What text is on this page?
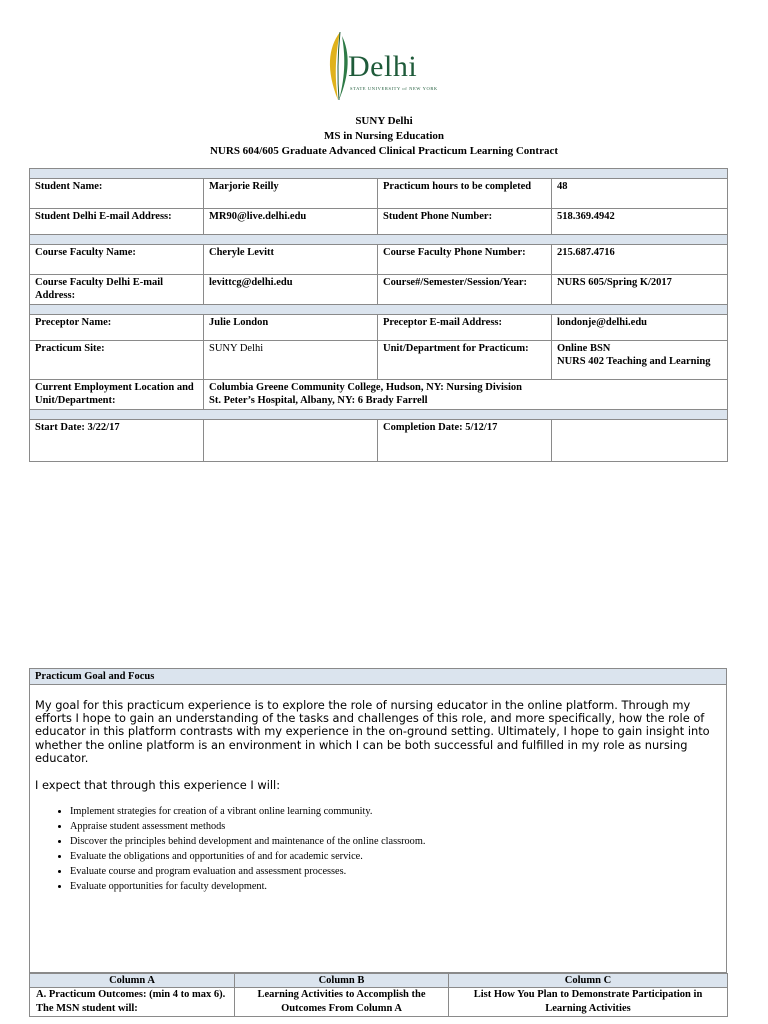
Delhi
STATE UNIVERSITY of NEW YORK
SUNY Delhi
MS in Nursing Education
NURS 604/605 Graduate Advanced Clinical Practicum Learning Contract

Student Name:	Marjorie Reilly	Practicum hours to be completed	48
Student Delhi E-mail Address:	MR90@live.delhi.edu	Student Phone Number:	518.369.4942

Course Faculty Name:	Cheryle Levitt	Course Faculty Phone Number:	215.687.4716
Course Faculty Delhi E-mail Address:	levittcg@delhi.edu	Course#/Semester/Session/Year:	NURS 605/Spring K/2017

Preceptor Name:	Julie London	Preceptor E-mail Address:	londonje@delhi.edu
Practicum Site:	SUNY Delhi	Unit/Department for Practicum:	Online BSN
NURS 402 Teaching and Learning

Current Employment Location and Unit/Department:	Columbia Greene Community College, Hudson, NY: Nursing Division
St. Peter’s Hospital, Albany, NY: 6 Brady Farrell		

Start Date: 3/22/17		Completion Date: 5/12/17	
Practicum Goal and Focus
My goal for this practicum experience is to explore the role of nursing educator in the online platform. Through my efforts I hope to gain an understanding of the tasks and challenges of this role, and more specifically, how the role of educator in this platform contrasts with my experience in the on-ground setting. Ultimately, I hope to gain insight into whether the online platform is an environment in which I can be both successful and fulfilled in my role as nursing educator.
I expect that through this experience I will:
• Implement strategies for creation of a vibrant online learning community.
• Appraise student assessment methods
• Discover the principles behind development and maintenance of the online classroom.
• Evaluate the obligations and opportunities of and for academic service.
• Evaluate course and program evaluation and assessment processes.
• Evaluate opportunities for faculty development.
Column A	Column B	Column C
A. Practicum Outcomes: (min 4 to max 6). The MSN student will:	Learning Activities to Accomplish the Outcomes From Column A	List How You Plan to Demonstrate Participation in Learning Activities
